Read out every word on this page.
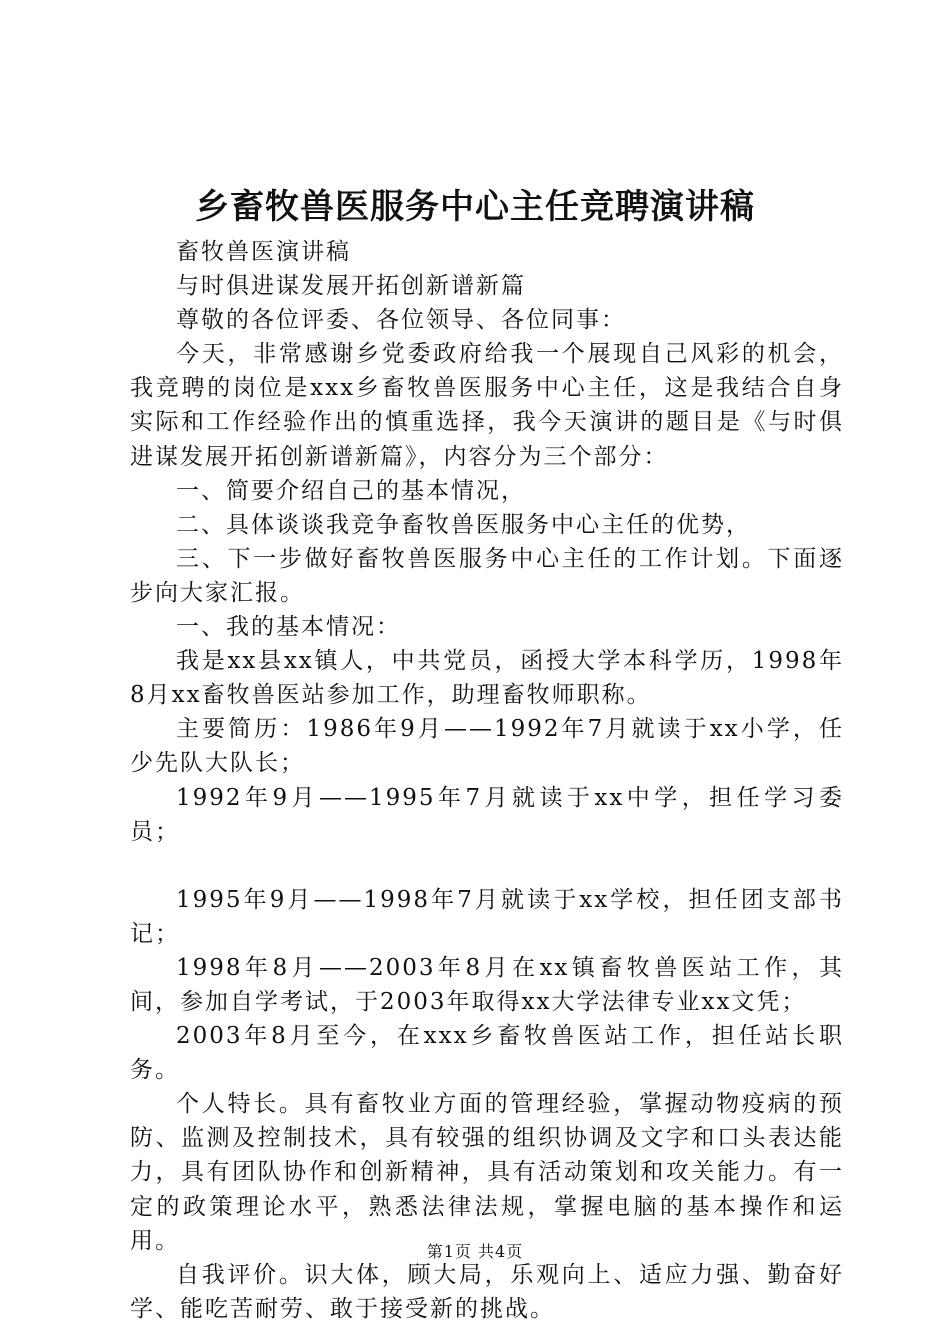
乡畜牧兽医服务中心主任竞聘演讲稿

畜牧兽医演讲稿

与时俱进谋发展开拓创新谱新篇

尊敬的各位评委、各位领导、各位同事：

今天，非常感谢乡党委政府给我一个展现自己风彩的机会，我竞聘的岗位是xxx乡畜牧兽医服务中心主任，这是我结合自身实际和工作经验作出的慎重选择，我今天演讲的题目是《与时俱进谋发展开拓创新谱新篇》，内容分为三个部分：

一、简要介绍自己的基本情况，

二、具体谈谈我竞争畜牧兽医服务中心主任的优势，

三、下一步做好畜牧兽医服务中心主任的工作计划。下面逐步向大家汇报。

一、我的基本情况：

我是xx县xx镇人，中共党员，函授大学本科学历，1998年8月xx畜牧兽医站参加工作，助理畜牧师职称。

主要简历：1986年9月——1992年7月就读于xx小学，任少先队大队长；

1992年9月——1995年7月就读于xx中学，担任学习委员；

1995年9月——1998年7月就读于xx学校，担任团支部书记；

1998年8月——2003年8月在xx镇畜牧兽医站工作，其间，参加自学考试，于2003年取得xx大学法律专业xx文凭；

2003年8月至今，在xxx乡畜牧兽医站工作，担任站长职务。

个人特长。具有畜牧业方面的管理经验，掌握动物疫病的预防、监测及控制技术，具有较强的组织协调及文字和口头表达能力，具有团队协作和创新精神，具有活动策划和攻关能力。有一定的政策理论水平，熟悉法律法规，掌握电脑的基本操作和运用。

自我评价。识大体，顾大局，乐观向上、适应力强、勤奋好学、能吃苦耐劳、敢于接受新的挑战。

第1页 共4页
